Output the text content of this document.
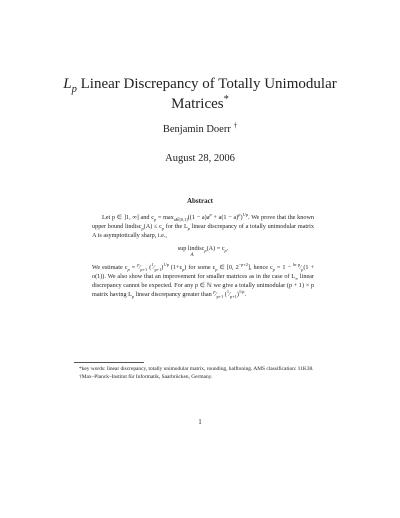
$L_p$ Linear Discrepancy of Totally Unimodular
Matrices*
Benjamin Doerr †
August 28, 2006
Abstract

Let p ∈ ]1, ∞] and $c_p = \max_{a\in[0,1]}((1 - a)a^p + a(1 - a)^p)^{1/p}$. We prove that the known upper bound lindisc$_p$(A) ≤ $c_p$ for the $L_p$ linear discrepancy of a totally unimodular matrix A is asymptotically sharp, i.e.,

sup lindisc$_p$(A) = $c_p$.
A

We estimate $c_p$ = $^p⁄_{p+1}$ $(^1⁄_{p+1})^{1/p}$ $(1+\varepsilon_p)$ for some $\varepsilon_p$ ∈ [0, $2^{-p+2}$], hence $c_p = 1$ − $^{ln p}⁄_p(1 + o(1))$. We also show that an improvement for smaller matrices as in the case of $L_\infty$ linear discrepancy cannot be expected. For any p ∈ ℕ we give a totally unimodular (p + 1) × p matrix having $L_p$ linear discrepancy greater than $^p⁄_{p+1}$ $(^1⁄_{p+1})^{1/p}$.

*key words: linear discrepancy, totally unimodular matrix, rounding, halftoning. AMS classification: 11K38.

†Max–Planck–Institut für Informatik, Saarbrücken, Germany.

1
